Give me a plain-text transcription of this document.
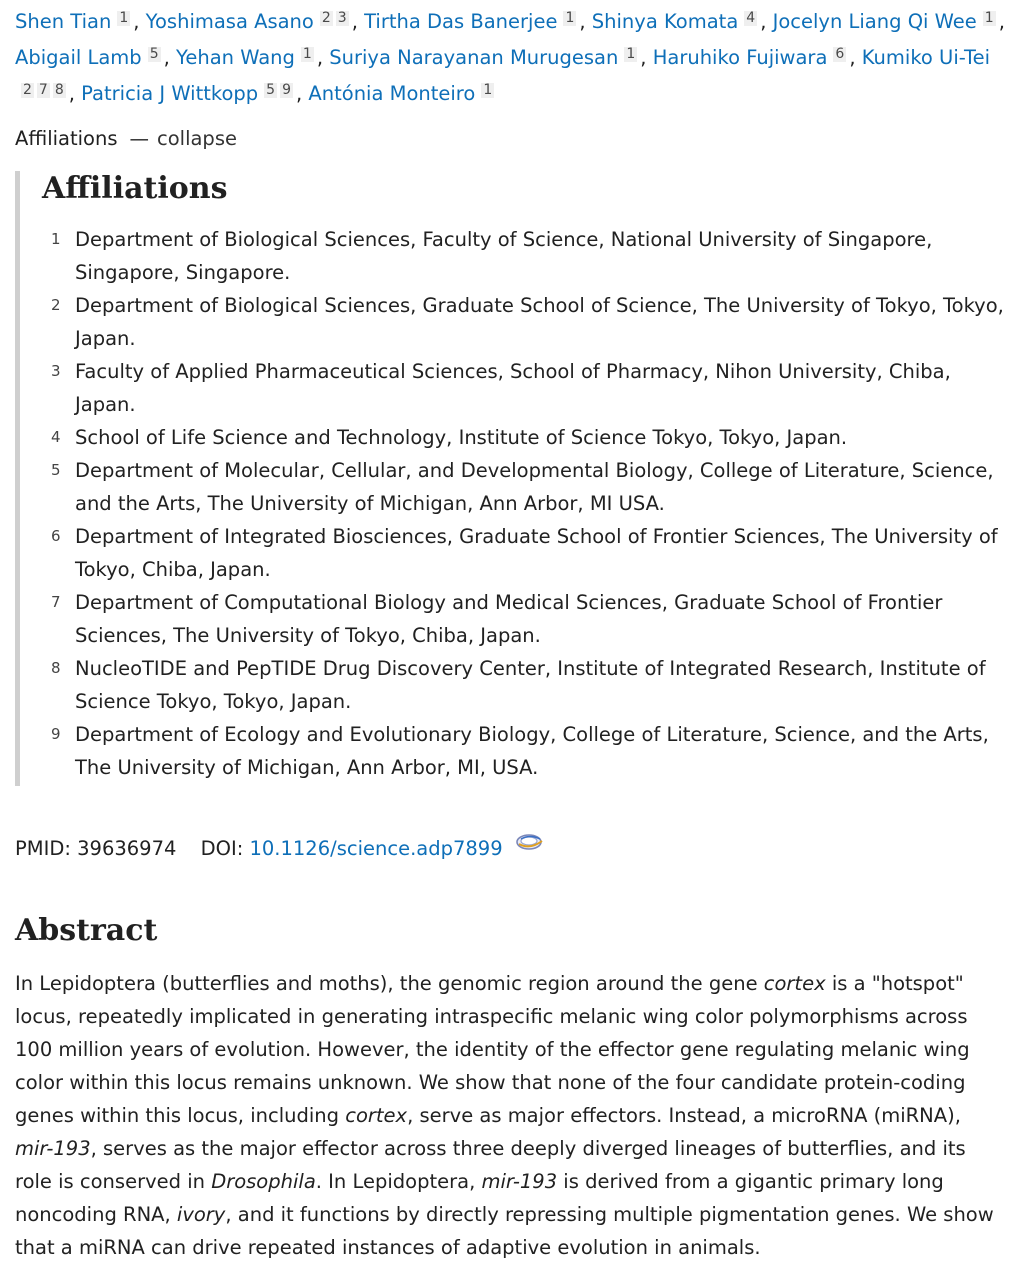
Shen Tian $^1$ , Yoshimasa Asano $^{2 3}$ , Tirtha Das Banerjee $^1$ , Shinya Komata $^4$ , Jocelyn Liang Qi Wee $^1$ , Abigail Lamb $^5$ , Yehan Wang $^1$ , Suriya Narayanan Murugesan $^1$ , Haruhiko Fujiwara $^6$ , Kumiko Ui-Tei$^{2 7 8}$ , Patricia J Wittkopp $^{5 9}$ , Antónia Monteiro $^1$

Affiliations — collapse
Affiliations
1 Department of Biological Sciences, Faculty of Science, National University of Singapore, Singapore, Singapore.
2 Department of Biological Sciences, Graduate School of Science, The University of Tokyo, Tokyo, Japan.
3 Faculty of Applied Pharmaceutical Sciences, School of Pharmacy, Nihon University, Chiba, Japan.
4 School of Life Science and Technology, Institute of Science Tokyo, Tokyo, Japan.
5 Department of Molecular, Cellular, and Developmental Biology, College of Literature, Science, and the Arts, The University of Michigan, Ann Arbor, MI USA.
6 Department of Integrated Biosciences, Graduate School of Frontier Sciences, The University of Tokyo, Chiba, Japan.
7 Department of Computational Biology and Medical Sciences, Graduate School of Frontier Sciences, The University of Tokyo, Chiba, Japan.
8 NucleoTIDE and PepTIDE Drug Discovery Center, Institute of Integrated Research, Institute of Science Tokyo, Tokyo, Japan.
9 Department of Ecology and Evolutionary Biology, College of Literature, Science, and the Arts, The University of Michigan, Ann Arbor, MI, USA.
PMID: 39636974 DOI: 10.1126/science.adp7899
Abstract

In Lepidoptera (butterflies and moths), the genomic region around the gene cortex is a "hotspot" locus, repeatedly implicated in generating intraspecific melanic wing color polymorphisms across 100 million years of evolution. However, the identity of the effector gene regulating melanic wing color within this locus remains unknown. We show that none of the four candidate protein-coding genes within this locus, including cortex, serve as major effectors. Instead, a microRNA (miRNA), mir-193, serves as the major effector across three deeply diverged lineages of butterflies, and its role is conserved in Drosophila. In Lepidoptera, mir-193 is derived from a gigantic primary long noncoding RNA, ivory, and it functions by directly repressing multiple pigmentation genes. We show that a miRNA can drive repeated instances of adaptive evolution in animals.
